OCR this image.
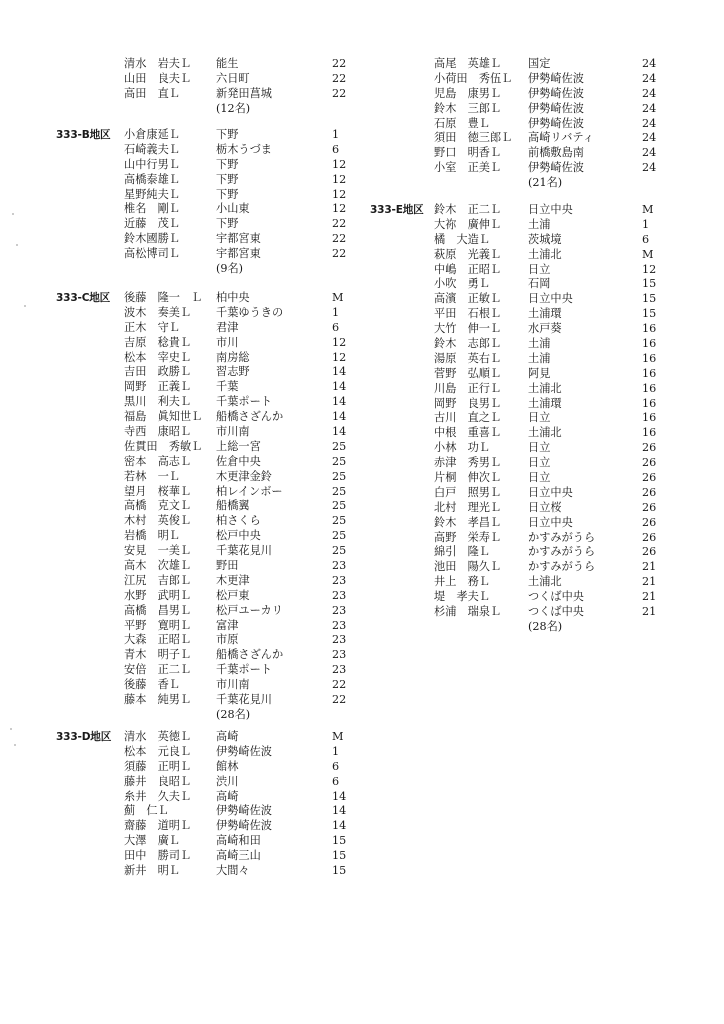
清水　岩夫Ｌ 能生	22
山田　良夫Ｌ 六日町	22
高田　直Ｌ	新発田菖城	22
(12名)
333-B地区 小倉康延Ｌ	下野	1
石崎義夫Ｌ	栃木うづま	6
山中行男Ｌ	下野	12
高橋泰雄Ｌ	下野	12
星野純夫Ｌ	下野	12
椎名　剛Ｌ	小山東	12
近藤　茂Ｌ	下野	22
鈴木國勝Ｌ	宇都宮東	22
高松博司Ｌ	宇都宮東	22
(9名)
333-C地区 後藤　隆一　Ｌ 柏中央	M
波木　奏美Ｌ 千葉ゆうきの	1
正木　守Ｌ	君津	6
吉原　稔貴Ｌ 市川	12
松本　宰史Ｌ 南房総	12
吉田　政勝Ｌ 習志野	14
岡野　正義Ｌ 千葉	14
黒川　利夫Ｌ 千葉ポート	14
福島　眞知世Ｌ 船橋さざんか	14
寺西　康昭Ｌ 市川南	14
佐貫田　秀敏Ｌ 上総一宮	25
密本　高志Ｌ 佐倉中央	25
若林　一Ｌ	木更津金鈴	25
望月　桜華Ｌ 柏レインボー	25
高橋　克文Ｌ 船橋翼	25
木村　英俊Ｌ 柏さくら	25
岩橋　明Ｌ	松戸中央	25
安見　一美Ｌ 千葉花見川	25
高木　次雄Ｌ 野田	23
江尻　吉郎Ｌ 木更津	23
水野　武明Ｌ 松戸東	23
高橋　昌男Ｌ 松戸ユーカリ	23
平野　寛明Ｌ 富津	23
大森　正昭Ｌ 市原	23
青木　明子Ｌ 船橋さざんか	23
安倍　正二Ｌ 千葉ポート	23
後藤　香Ｌ	市川南	22
藤本　純男Ｌ 千葉花見川	22
(28名)
333-D地区 清水　英徳Ｌ 高崎	M
松本　元良Ｌ 伊勢崎佐波	1
須藤　正明Ｌ 館林	6
藤井　良昭Ｌ 渋川	6
糸井　久夫Ｌ 高崎	14
薊　仁Ｌ	伊勢崎佐波	14
齋藤　道明Ｌ 伊勢崎佐波	14
大澤　廣Ｌ	高崎和田	15
田中　勝司Ｌ 高崎三山	15
新井　明Ｌ	大間々	15
高尾　英雄Ｌ 国定	24
小荷田　秀伍Ｌ 伊勢崎佐波	24
児島　康男Ｌ 伊勢崎佐波	24
鈴木　三郎Ｌ 伊勢崎佐波	24
石原　豊Ｌ	伊勢崎佐波	24
須田　徳三郎Ｌ 高崎リバティ	24
野口　明香Ｌ 前橋敷島南	24
小室　正美Ｌ 伊勢崎佐波	24
(21名)
333-E地区 鈴木　正二Ｌ 日立中央	M
大祢　廣伸Ｌ 土浦	1
橘　大造Ｌ	茨城境	6
萩原　光義Ｌ 土浦北	M
中嶋　正昭Ｌ 日立	12
小吹　勇Ｌ	石岡	15
高濱　正敏Ｌ 日立中央	15
平田　石根Ｌ 土浦環	15
大竹　伸一Ｌ 水戸葵	16
鈴木　志郎Ｌ 土浦	16
湯原　英右Ｌ 土浦	16
菅野　弘順Ｌ 阿見	16
川島　正行Ｌ 土浦北	16
岡野　良男Ｌ 土浦環	16
古川　直之Ｌ 日立	16
中根　重喜Ｌ 土浦北	16
小林　功Ｌ	日立	26
赤津　秀男Ｌ 日立	26
片桐　伸次Ｌ 日立	26
白戸　照男Ｌ 日立中央	26
北村　理光Ｌ 日立桜	26
鈴木　孝昌Ｌ 日立中央	26
高野　栄寿Ｌ かすみがうら	26
綿引　隆Ｌ	かすみがうら	26
池田　陽久Ｌ かすみがうら	21
井上　務Ｌ	土浦北	21
堤　孝夫Ｌ	つくば中央	21
杉浦　瑞泉Ｌ つくば中央	21
(28名)
